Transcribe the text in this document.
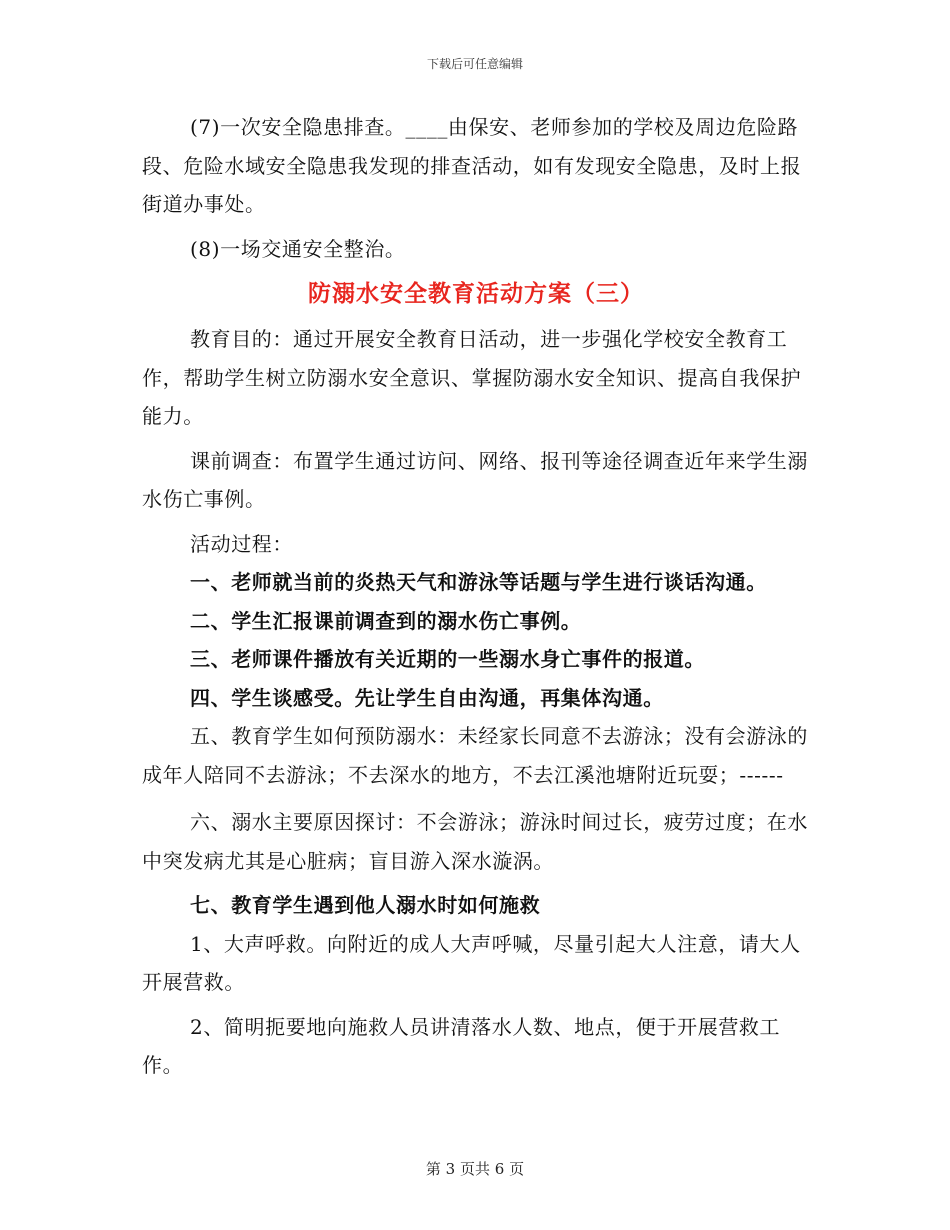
下载后可任意编辑

(7)一次安全隐患排查。____由保安、老师参加的学校及周边危险路段、危险水域安全隐患我发现的排查活动，如有发现安全隐患，及时上报街道办事处。

(8)一场交通安全整治。

防溺水安全教育活动方案（三）

教育目的：通过开展安全教育日活动，进一步强化学校安全教育工作，帮助学生树立防溺水安全意识、掌握防溺水安全知识、提高自我保护能力。

课前调查：布置学生通过访问、网络、报刊等途径调查近年来学生溺水伤亡事例。

活动过程：

一、老师就当前的炎热天气和游泳等话题与学生进行谈话沟通。

二、学生汇报课前调查到的溺水伤亡事例。

三、老师课件播放有关近期的一些溺水身亡事件的报道。

四、学生谈感受。先让学生自由沟通，再集体沟通。

五、教育学生如何预防溺水：未经家长同意不去游泳；没有会游泳的成年人陪同不去游泳；不去深水的地方，不去江溪池塘附近玩耍；------

六、溺水主要原因探讨：不会游泳；游泳时间过长，疲劳过度；在水中突发病尤其是心脏病；盲目游入深水漩涡。

七、教育学生遇到他人溺水时如何施救

1、大声呼救。向附近的成人大声呼喊，尽量引起大人注意，请大人开展营救。

2、简明扼要地向施救人员讲清落水人数、地点，便于开展营救工作。

第 3 页共 6 页
